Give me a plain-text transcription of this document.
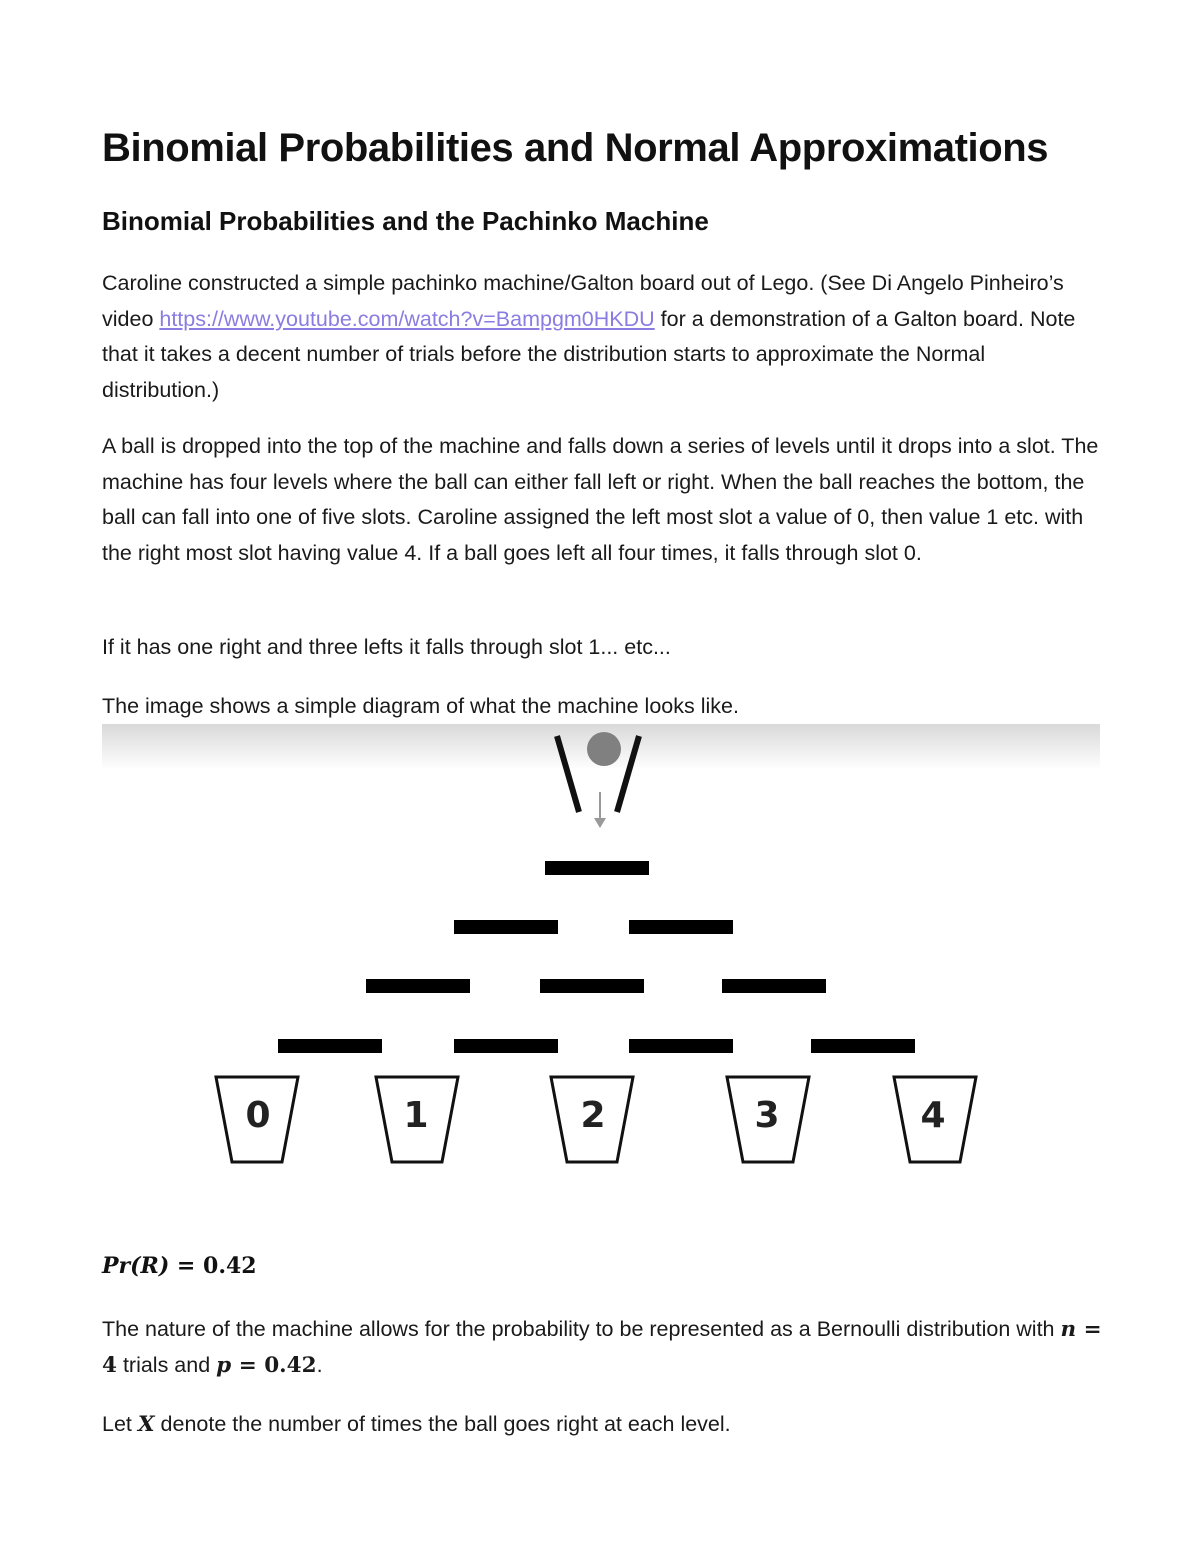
Binomial Probabilities and Normal Approximations
Binomial Probabilities and the Pachinko Machine

Caroline constructed a simple pachinko machine/Galton board out of Lego. (See Di Angelo Pinheiro’s video https://www.youtube.com/watch?v=Bampgm0HKDU for a demonstration of a Galton board. Note that it takes a decent number of trials before the distribution starts to approximate the Normal distribution.)

A ball is dropped into the top of the machine and falls down a series of levels until it drops into a slot. The machine has four levels where the ball can either fall left or right. When the ball reaches the bottom, the ball can fall into one of five slots. Caroline assigned the left most slot a value of 0, then value 1 etc. with the right most slot having value 4. If a ball goes left all four times, it falls through slot 0.

If it has one right and three lefts it falls through slot 1... etc...

The image shows a simple diagram of what the machine looks like.

Pr(R) = 0.42

The nature of the machine allows for the probability to be represented as a Bernoulli distribution with n = 4 trials and p = 0.42.

Let X denote the number of times the ball goes right at each level.

0	1	2	3	4
